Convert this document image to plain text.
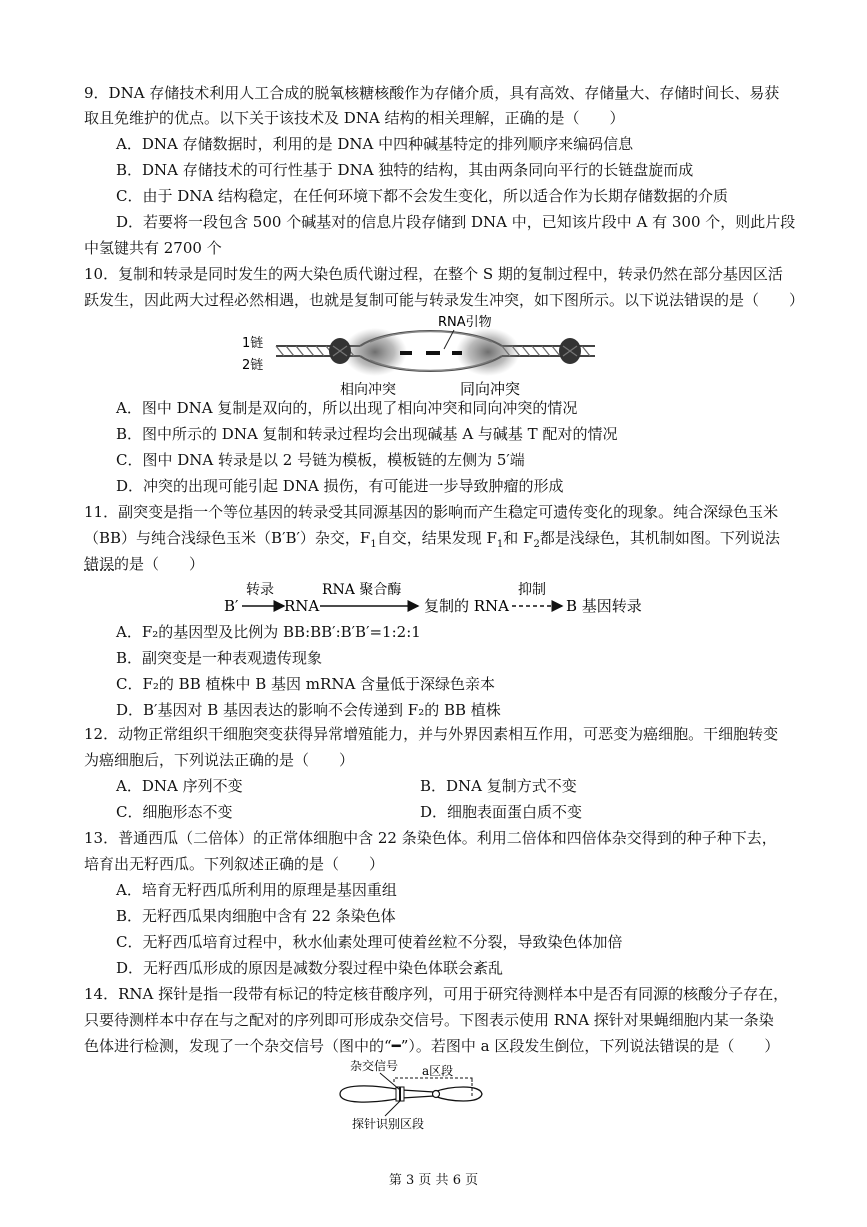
9．DNA 存储技术利用人工合成的脱氧核糖核酸作为存储介质，具有高效、存储量大、存储时间长、易获
取且免维护的优点。以下关于该技术及 DNA 结构的相关理解，正确的是（　　）
A．DNA 存储数据时，利用的是 DNA 中四种碱基特定的排列顺序来编码信息
B．DNA 存储技术的可行性基于 DNA 独特的结构，其由两条同向平行的长链盘旋而成
C．由于 DNA 结构稳定，在任何环境下都不会发生变化，所以适合作为长期存储数据的介质
D．若要将一段包含 500 个碱基对的信息片段存储到 DNA 中，已知该片段中 A 有 300 个，则此片段
中氢键共有 2700 个
10．复制和转录是同时发生的两大染色质代谢过程，在整个 S 期的复制过程中，转录仍然在部分基因区活
跃发生，因此两大过程必然相遇，也就是复制可能与转录发生冲突，如下图所示。以下说法错误的是（　　）
1链
2链
RNA引物
相向冲突	同向冲突
A．图中 DNA 复制是双向的，所以出现了相向冲突和同向冲突的情况
B．图中所示的 DNA 复制和转录过程均会出现碱基 A 与碱基 T 配对的情况
C．图中 DNA 转录是以 2 号链为模板，模板链的左侧为 5′端
D．冲突的出现可能引起 DNA 损伤，有可能进一步导致肿瘤的形成
11．副突变是指一个等位基因的转录受其同源基因的影响而产生稳定可遗传变化的现象。纯合深绿色玉米
（BB）与纯合浅绿色玉米（B′B′）杂交，$F_1$自交，结果发现 $F_1$和 $F_2$都是浅绿色，其机制如图。下列说法
错误的是（　　）
B′
转录
RNA
RNA 聚合酶
复制的 RNA
抑制
B 基因转录
A．F₂的基因型及比例为 BB:BB′:B′B′=1:2:1
B．副突变是一种表观遗传现象
C．F₂的 BB 植株中 B 基因 mRNA 含量低于深绿色亲本
D．B′基因对 B 基因表达的影响不会传递到 F₂的 BB 植株
12．动物正常组织干细胞突变获得异常增殖能力，并与外界因素相互作用，可恶变为癌细胞。干细胞转变
为癌细胞后，下列说法正确的是（　　）
A．DNA 序列不变	B．DNA 复制方式不变
C．细胞形态不变	D．细胞表面蛋白质不变
13．普通西瓜（二倍体）的正常体细胞中含 22 条染色体。利用二倍体和四倍体杂交得到的种子种下去，
培育出无籽西瓜。下列叙述正确的是（　　）
A．培育无籽西瓜所利用的原理是基因重组
B．无籽西瓜果肉细胞中含有 22 条染色体
C．无籽西瓜培育过程中，秋水仙素处理可使着丝粒不分裂，导致染色体加倍
D．无籽西瓜形成的原因是减数分裂过程中染色体联会紊乱
14．RNA 探针是指一段带有标记的特定核苷酸序列，可用于研究待测样本中是否有同源的核酸分子存在，
只要待测样本中存在与之配对的序列即可形成杂交信号。下图表示使用 RNA 探针对果蝇细胞内某一条染
色体进行检测，发现了一个杂交信号（图中的“━”）。若图中 a 区段发生倒位，下列说法错误的是（　　）
杂交信号 a区段
探针识别区段
第 3 页 共 6 页
